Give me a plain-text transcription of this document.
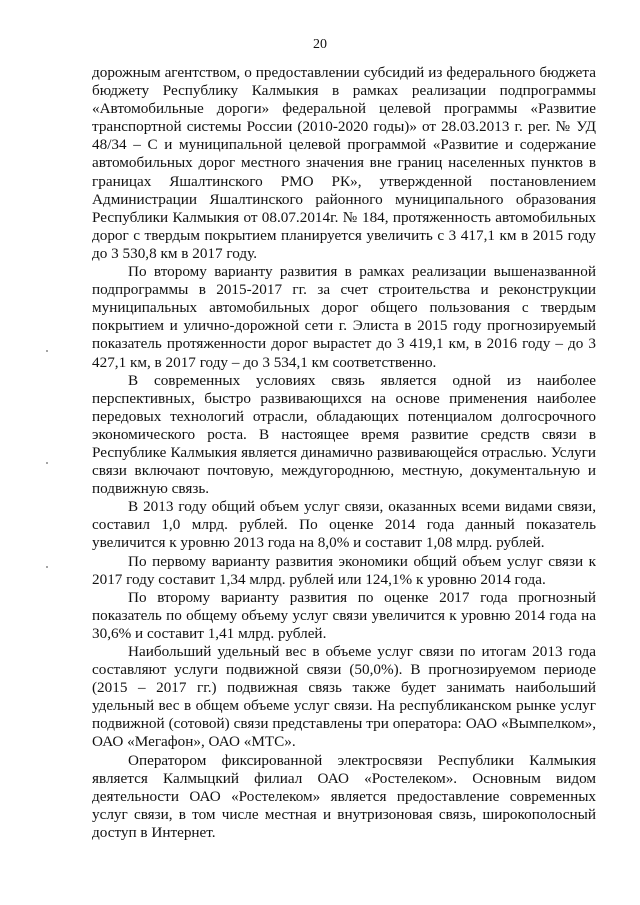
20

дорожным агентством, о предоставлении субсидий из федерального бюджета бюджету Республику Калмыкия в рамках реализации подпрограммы «Автомобильные дороги» федеральной целевой программы «Развитие транспортной системы России (2010-2020 годы)» от 28.03.2013 г. рег. № УД 48/34 – С и муниципальной целевой программой «Развитие и содержание автомобильных дорог местного значения вне границ населенных пунктов в границах Яшалтинского РМО РК», утвержденной постановлением Администрации Яшалтинского районного муниципального образования Республики Калмыкия от 08.07.2014г. № 184, протяженность автомобильных дорог с твердым покрытием планируется увеличить с 3 417,1 км в 2015 году до 3 530,8 км в 2017 году.

По второму варианту развития в рамках реализации вышеназванной подпрограммы в 2015-2017 гг. за счет строительства и реконструкции муниципальных автомобильных дорог общего пользования с твердым покрытием и улично-дорожной сети г. Элиста в 2015 году прогнозируемый показатель протяженности дорог вырастет до 3 419,1 км, в 2016 году – до 3 427,1 км, в 2017 году – до 3 534,1 км соответственно.

В современных условиях связь является одной из наиболее перспективных, быстро развивающихся на основе применения наиболее передовых технологий отрасли, обладающих потенциалом долгосрочного экономического роста. В настоящее время развитие средств связи в Республике Калмыкия является динамично развивающейся отраслью. Услуги связи включают почтовую, междугороднюю, местную, документальную и подвижную связь.

В 2013 году общий объем услуг связи, оказанных всеми видами связи, составил 1,0 млрд. рублей. По оценке 2014 года данный показатель увеличится к уровню 2013 года на 8,0% и составит 1,08 млрд. рублей.

По первому варианту развития экономики общий объем услуг связи к 2017 году составит 1,34 млрд. рублей или 124,1% к уровню 2014 года.

По второму варианту развития по оценке 2017 года прогнозный показатель по общему объему услуг связи увеличится к уровню 2014 года на 30,6% и составит 1,41 млрд. рублей.

Наибольший удельный вес в объеме услуг связи по итогам 2013 года составляют услуги подвижной связи (50,0%). В прогнозируемом периоде (2015 – 2017 гг.) подвижная связь также будет занимать наибольший удельный вес в общем объеме услуг связи. На республиканском рынке услуг подвижной (сотовой) связи представлены три оператора: ОАО «Вымпелком», ОАО «Мегафон», ОАО «МТС».

Оператором фиксированной электросвязи Республики Калмыкия является Калмыцкий филиал ОАО «Ростелеком». Основным видом деятельности ОАО «Ростелеком» является предоставление современных услуг связи, в том числе местная и внутризоновая связь, широкополосный доступ в Интернет.
